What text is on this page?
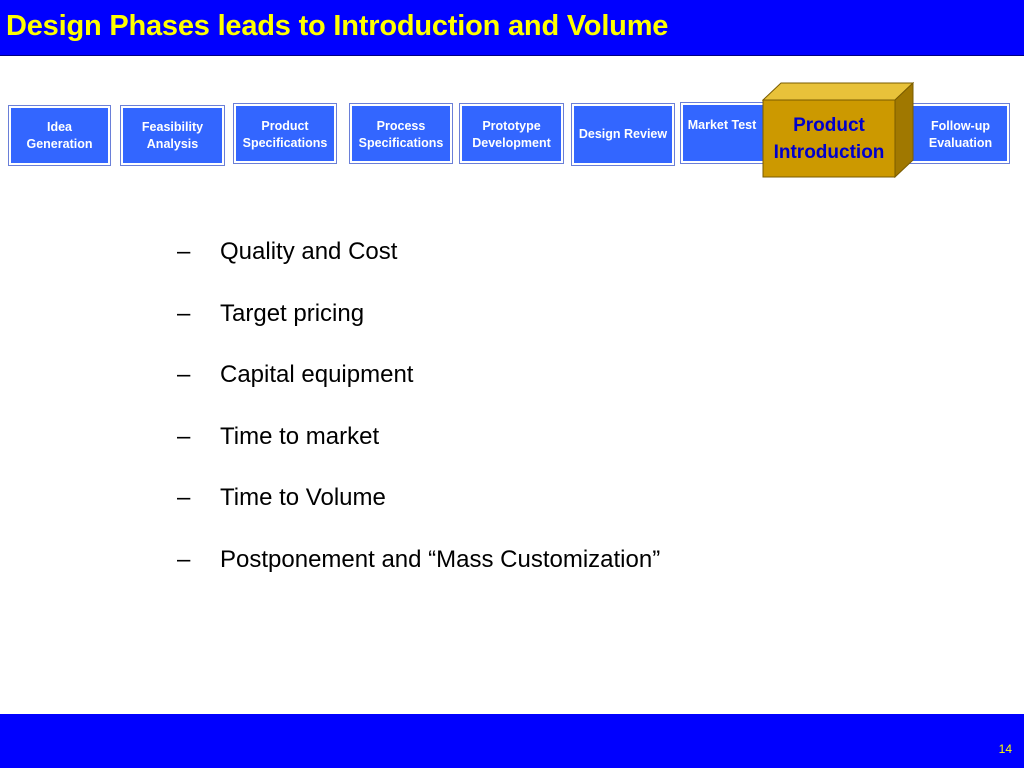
Design Phases leads to Introduction and Volume
Idea Generation
Feasibility Analysis
Product Specifications
Process Specifications
Prototype Development
Design Review
Market Test	Follow-up Evaluation
Product Introduction
– Quality and Cost
– Target pricing
– Capital equipment
– Time to market
– Time to Volume
– Postponement and “Mass Customization”
14
